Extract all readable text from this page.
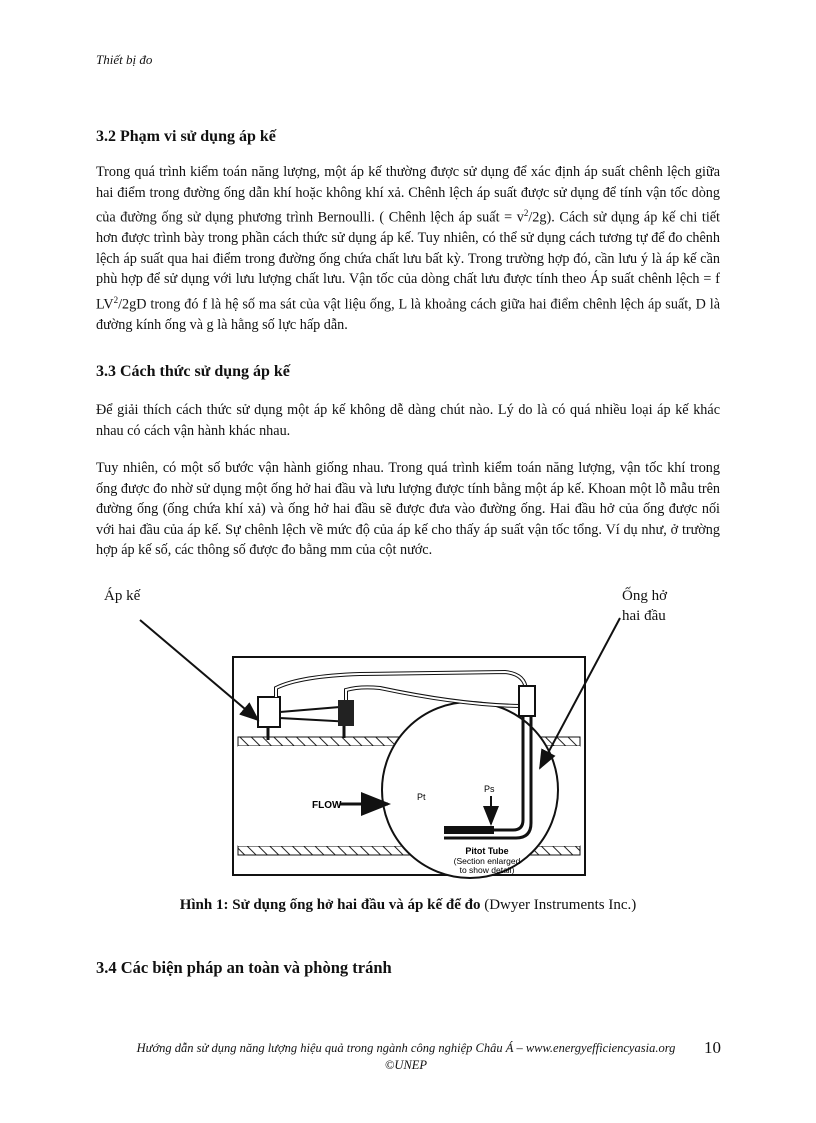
Thiết bị đo
3.2 Phạm vi sử dụng áp kế

Trong quá trình kiểm toán năng lượng, một áp kế thường được sử dụng để xác định áp suất chênh lệch giữa hai điểm trong đường ống dẫn khí hoặc không khí xả. Chênh lệch áp suất được sử dụng để tính vận tốc dòng của đường ống sử dụng phương trình Bernoulli. ( Chênh lệch áp suất = $v^2/2g$). Cách sử dụng áp kế chi tiết hơn được trình bày trong phần cách thức sử dụng áp kế. Tuy nhiên, có thể sử dụng cách tương tự để đo chênh lệch áp suất qua hai điểm trong đường ống chứa chất lưu bất kỳ. Trong trường hợp đó, cần lưu ý là áp kế cần phù hợp để sử dụng với lưu lượng chất lưu. Vận tốc của dòng chất lưu được tính theo Áp suất chênh lệch = f $LV^2/2gD$ trong đó f là hệ số ma sát của vật liệu ống, L là khoảng cách giữa hai điểm chênh lệch áp suất, D là đường kính ống và g là hằng số lực hấp dẫn.

3.3 Cách thức sử dụng áp kế

Để giải thích cách thức sử dụng một áp kế không dễ dàng chút nào. Lý do là có quá nhiều loại áp kế khác nhau có cách vận hành khác nhau.

Tuy nhiên, có một số bước vận hành giống nhau. Trong quá trình kiểm toán năng lượng, vận tốc khí trong ống được đo nhờ sử dụng một ống hở hai đầu và lưu lượng được tính bằng một áp kế. Khoan một lỗ mẫu trên đường ống (ống chứa khí xả) và ống hở hai đầu sẽ được đưa vào đường ống. Hai đầu hở của ống được nối với hai đầu của áp kế. Sự chênh lệch về mức độ của áp kế cho thấy áp suất vận tốc tổng. Ví dụ như, ở trường hợp áp kế số, các thông số được đo bằng mm của cột nước.

Áp kế	Ống hở
hai đầu
FLOW
Pt
Ps
Pitot Tube
(Section enlarged
to show detail)
Hình 1: Sử dụng ống hở hai đầu và áp kế để đo (Dwyer Instruments Inc.)
3.4 Các biện pháp an toàn và phòng tránh
Hướng dẫn sử dụng năng lượng hiệu quả trong ngành công nghiệp Châu Á – www.energyefficiencyasia.org
©UNEP
10
